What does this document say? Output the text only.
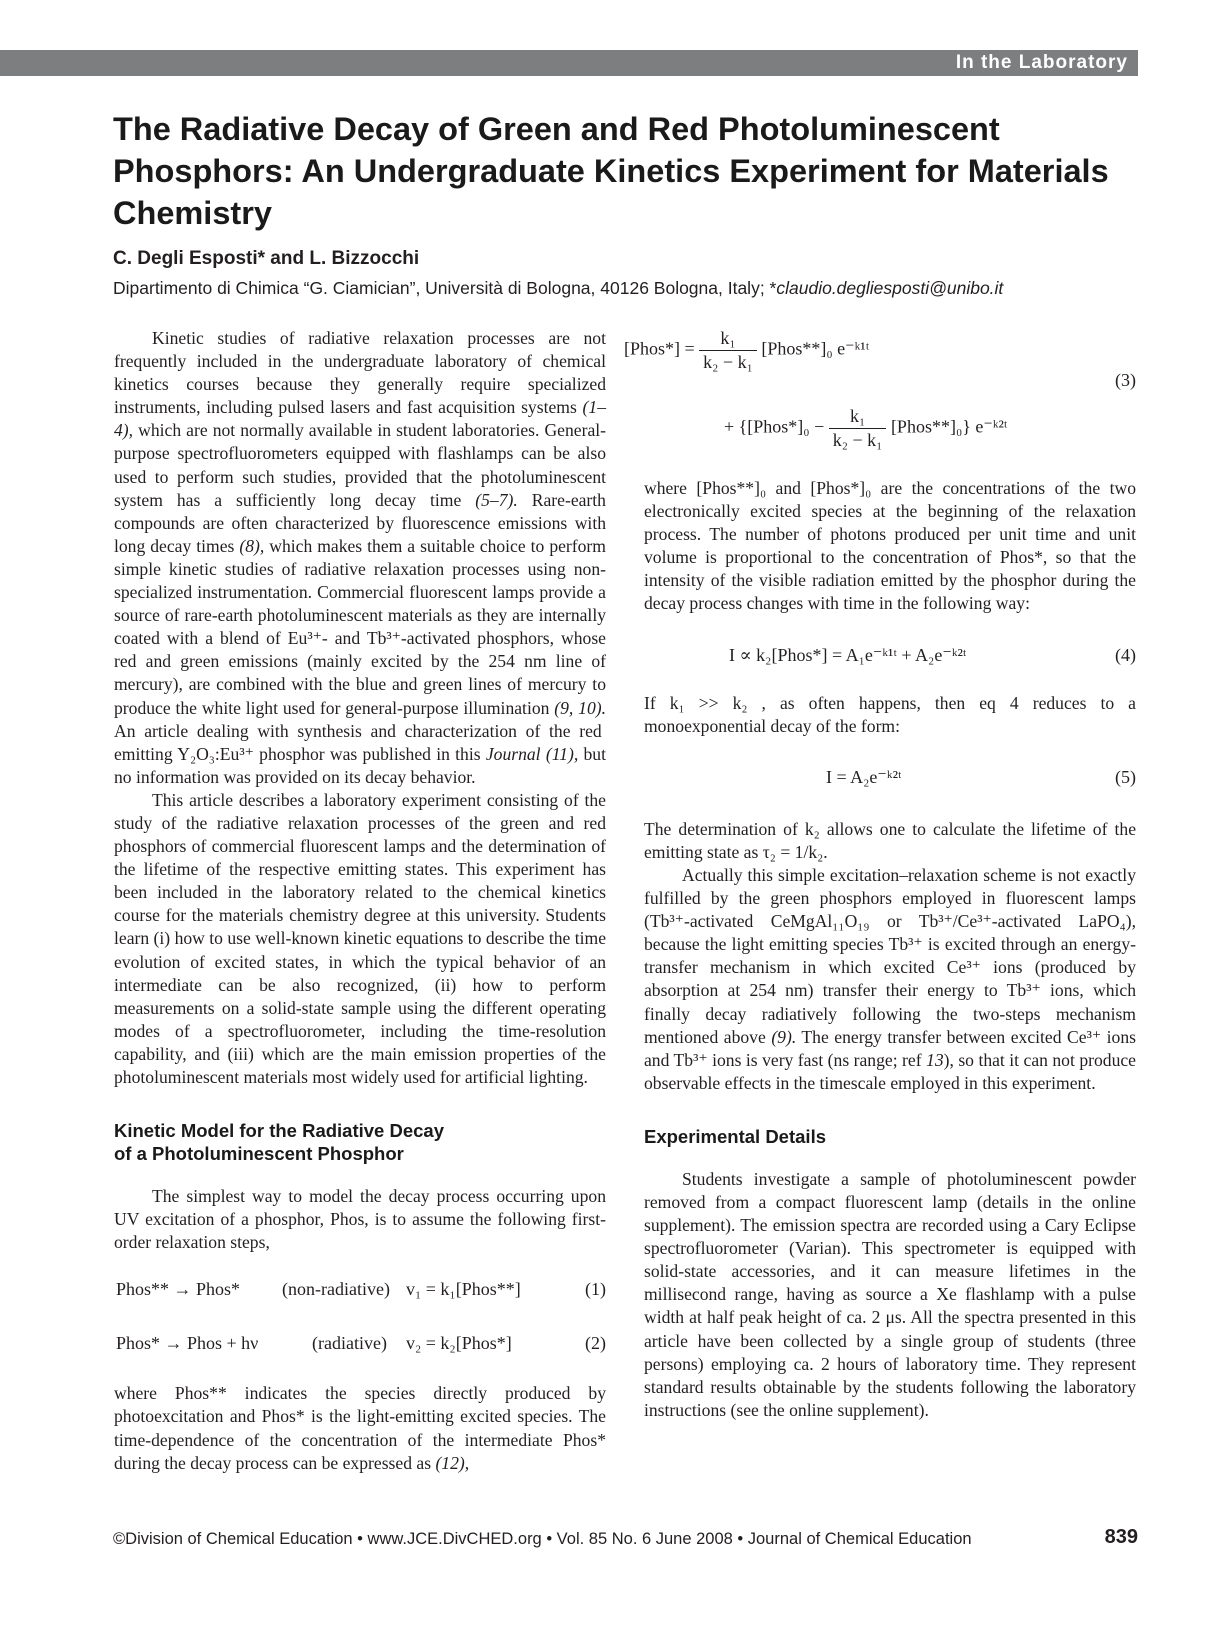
In the Laboratory
The Radiative Decay of Green and Red Photoluminescent Phosphors: An Undergraduate Kinetics Experiment for Materials Chemistry
C. Degli Esposti* and L. Bizzocchi
Dipartimento di Chimica “G. Ciamician”, Università di Bologna, 40126 Bologna, Italy; *claudio.degliesposti@unibo.it

Kinetic studies of radiative relaxation processes are not frequently included in the undergraduate laboratory of chemical kinetics courses because they generally require specialized instruments, including pulsed lasers and fast acquisition systems (1–4), which are not normally available in student laboratories. General-purpose spectrofluorometers equipped with flashlamps can be also used to perform such studies, provided that the photoluminescent system has a sufficiently long decay time (5–7). Rare-earth compounds are often characterized by fluorescence emissions with long decay times (8), which makes them a suitable choice to perform simple kinetic studies of radiative relaxation processes using non-specialized instrumentation. Commercial fluorescent lamps provide a source of rare-earth photoluminescent materials as they are internally coated with a blend of Eu³⁺- and Tb³⁺-activated phosphors, whose red and green emissions (mainly excited by the 254 nm line of mercury), are combined with the blue and green lines of mercury to produce the white light used for general-purpose illumination (9, 10). An article dealing with synthesis and characterization of the red emitting Y₂O₃:Eu³⁺ phosphor was published in this Journal (11), but no information was provided on its decay behavior.

This article describes a laboratory experiment consisting of the study of the radiative relaxation processes of the green and red phosphors of commercial fluorescent lamps and the determination of the lifetime of the respective emitting states. This experiment has been included in the laboratory related to the chemical kinetics course for the materials chemistry degree at this university. Students learn (i) how to use well-known kinetic equations to describe the time evolution of excited states, in which the typical behavior of an intermediate can be also recognized, (ii) how to perform measurements on a solid-state sample using the different operating modes of a spectrofluorometer, including the time-resolution capability, and (iii) which are the main emission properties of the photoluminescent materials most widely used for artificial lighting.

Kinetic Model for the Radiative Decay
of a Photoluminescent Phosphor

The simplest way to model the decay process occurring upon UV excitation of a phosphor, Phos, is to assume the following first-order relaxation steps,

Phos** → Phos* (non-radiative) v₁ = k₁[Phos**]	(1)
Phos* → Phos + hν	(radiative) v₂ = k₂[Phos*]	(2)

where Phos** indicates the species directly produced by photoexcitation and Phos* is the light-emitting excited species. The time-dependence of the concentration of the intermediate Phos* during the decay process can be expressed as (12),

[Phos*] = $\frac{\text{k₁}}{\text{k₂ − k₁}}$ [Phos**]₀ e⁻ᵏ¹ᵗ
+ {[Phos*]₀ − $\frac{\text{k₁}}{\text{k₂ − k₁}}$ [Phos**]₀} e⁻ᵏ²ᵗ
(3)

where [Phos**]₀ and [Phos*]₀ are the concentrations of the two electronically excited species at the beginning of the relaxation process. The number of photons produced per unit time and unit volume is proportional to the concentration of Phos*, so that the intensity of the visible radiation emitted by the phosphor during the decay process changes with time in the following way:

I ∝ k₂[Phos*] = A₁e⁻ᵏ¹ᵗ + A₂e⁻ᵏ²ᵗ	(4)

If k₁ >> k₂ , as often happens, then eq 4 reduces to a monoexponential decay of the form:

I = A₂e⁻ᵏ²ᵗ	(5)

The determination of k₂ allows one to calculate the lifetime of the emitting state as τ₂ = 1/k₂.

Actually this simple excitation–relaxation scheme is not exactly fulfilled by the green phosphors employed in fluorescent lamps (Tb³⁺-activated CeMgAl₁₁O₁₉ or Tb³⁺/Ce³⁺-activated LaPO₄), because the light emitting species Tb³⁺ is excited through an energy-transfer mechanism in which excited Ce³⁺ ions (produced by absorption at 254 nm) transfer their energy to Tb³⁺ ions, which finally decay radiatively following the two-steps mechanism mentioned above (9). The energy transfer between excited Ce³⁺ ions and Tb³⁺ ions is very fast (ns range; ref 13), so that it can not produce observable effects in the timescale employed in this experiment.

Experimental Details

Students investigate a sample of photoluminescent powder removed from a compact fluorescent lamp (details in the online supplement). The emission spectra are recorded using a Cary Eclipse spectrofluorometer (Varian). This spectrometer is equipped with solid-state accessories, and it can measure lifetimes in the millisecond range, having as source a Xe flashlamp with a pulse width at half peak height of ca. 2 μs. All the spectra presented in this article have been collected by a single group of students (three persons) employing ca. 2 hours of laboratory time. They represent standard results obtainable by the students following the laboratory instructions (see the online supplement).

©Division of Chemical Education • www.JCE.DivCHED.org • Vol. 85 No. 6 June 2008 • Journal of Chemical Education	839
